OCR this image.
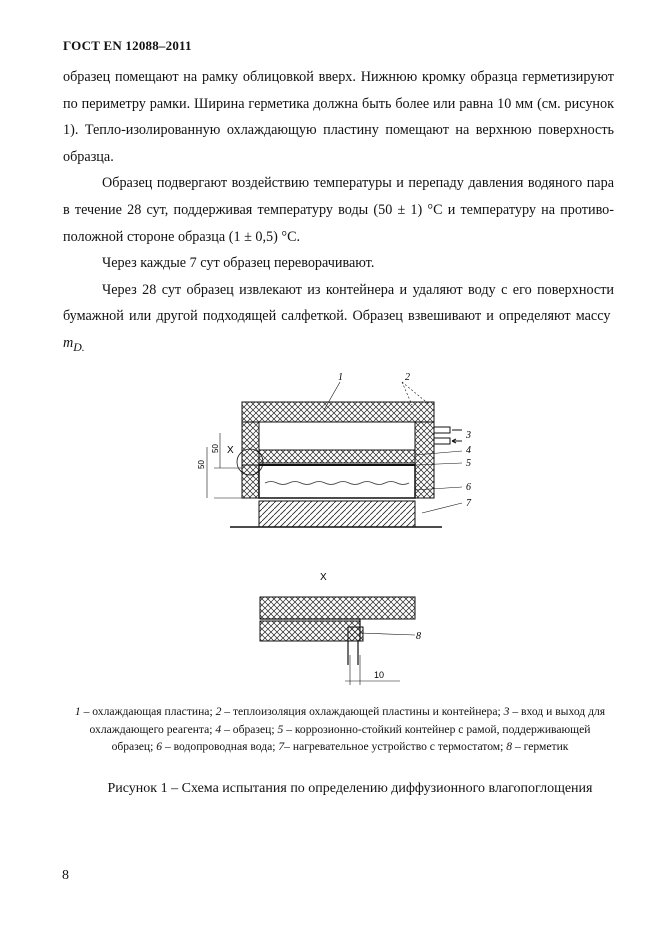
ГОСТ EN 12088–2011

образец помещают на рамку облицовкой вверх. Нижнюю кромку образца герметизируют по периметру рамки. Ширина герметика должна быть более или равна 10 мм (см. рисунок 1). Тепло-изолированную охлаждающую пластину помещают на верхнюю поверхность образца.

Образец подвергают воздействию температуры и перепаду давления водяного пара в течение 28 сут, поддерживая температуру воды (50 ± 1) °С и температуру на противо-положной стороне образца (1 ± 0,5) °С.

Через каждые 7 сут образец переворачивают.

Через 28 сут образец извлекают из контейнера и удаляют воду с его поверхности бумажной или другой подходящей салфеткой. Образец взвешивают и определяют массу  $m_{D.}$

X
50
50
1	2
3
4
5
6
7
X
8
10
1 – охлаждающая пластина; 2 – теплоизоляция охлаждающей пластины и контейнера; 3 – вход и выход для охлаждающего реагента; 4 – образец; 5 – коррозионно-стойкий контейнер с рамой, поддерживающей образец; 6 – водопроводная вода; 7– нагревательное устройство с термостатом; 8 – герметик
Рисунок 1 – Схема испытания по определению диффузионного влагопоглощения
8
